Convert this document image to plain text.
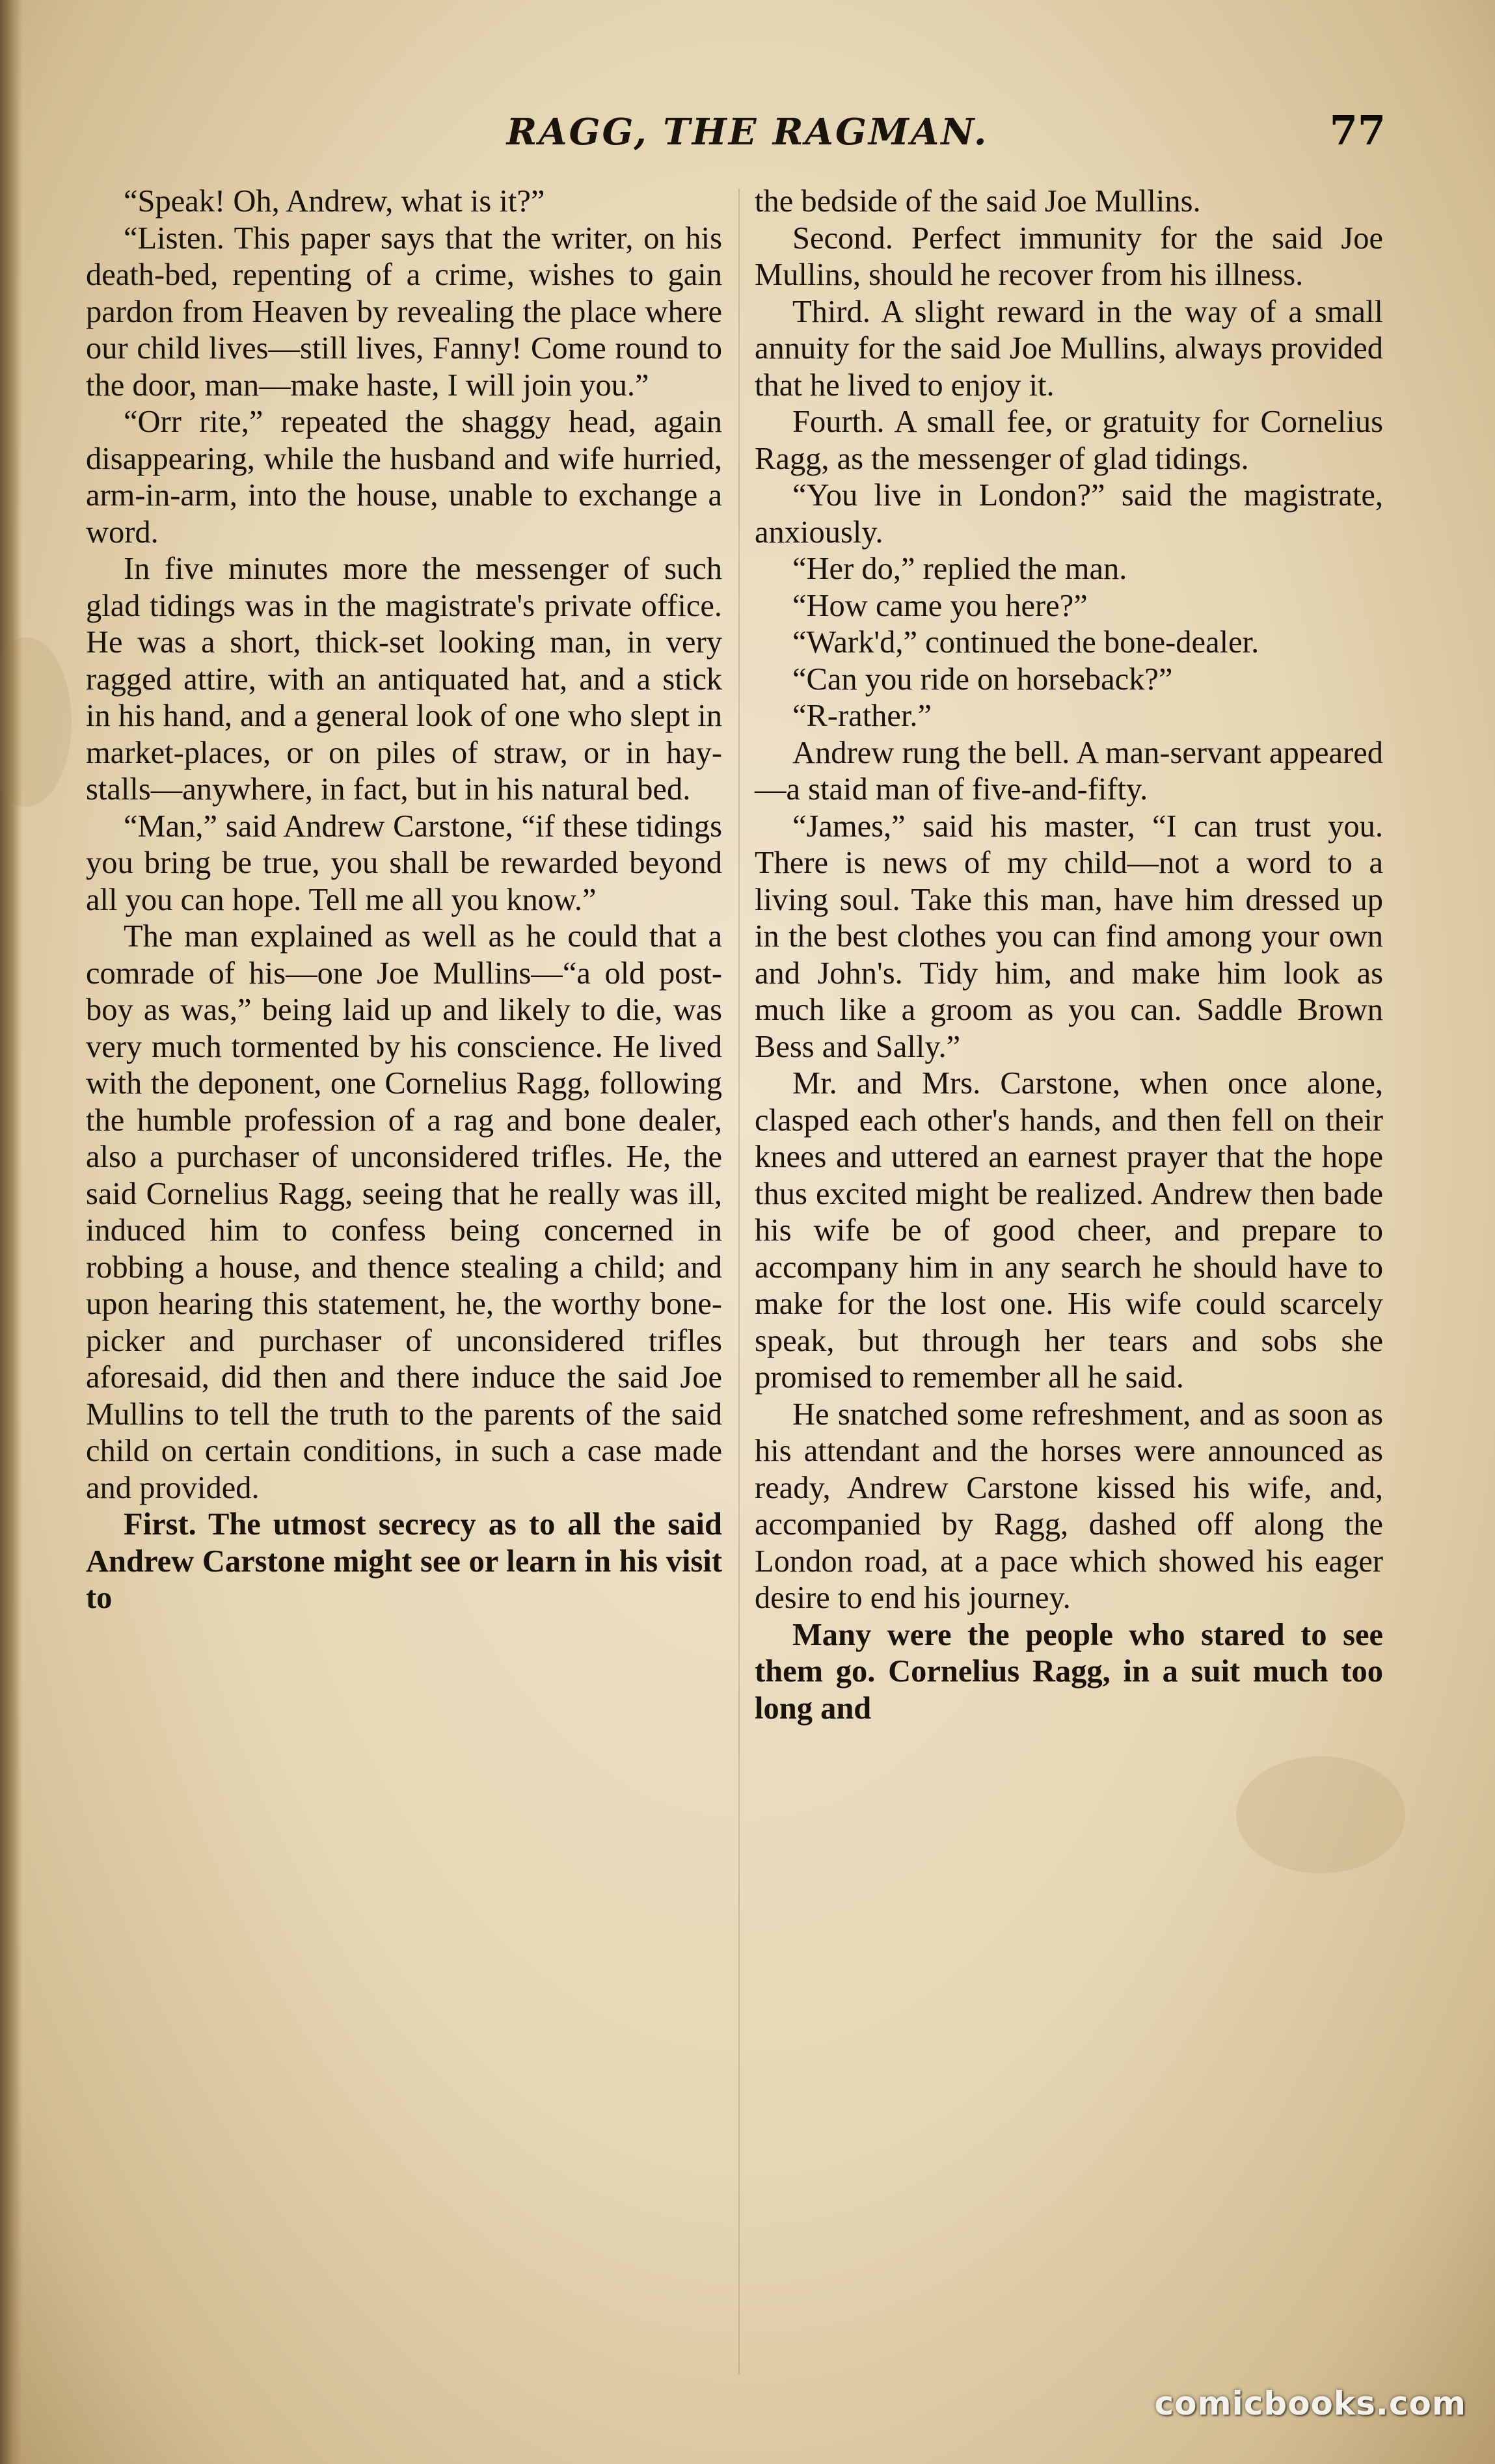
RAGG, THE RAGMAN.	77

“Speak! Oh, Andrew, what is it?”

“Listen. This paper says that the writer, on his death-bed, repenting of a crime, wishes to gain pardon from Heaven by revealing the place where our child lives—still lives, Fanny! Come round to the door, man—make haste, I will join you.”

“Orr rite,” repeated the shaggy head, again disappearing, while the husband and wife hurried, arm-in-arm, into the house, unable to exchange a word.

In five minutes more the messenger of such glad tidings was in the magistrate's private office. He was a short, thick-set looking man, in very ragged attire, with an antiquated hat, and a stick in his hand, and a general look of one who slept in market-places, or on piles of straw, or in hay-stalls—anywhere, in fact, but in his natural bed.

“Man,” said Andrew Carstone, “if these tidings you bring be true, you shall be rewarded beyond all you can hope. Tell me all you know.”

The man explained as well as he could that a comrade of his—one Joe Mullins—“a old post-boy as was,” being laid up and likely to die, was very much tormented by his conscience. He lived with the deponent, one Cornelius Ragg, following the humble profession of a rag and bone dealer, also a purchaser of unconsidered trifles. He, the said Cornelius Ragg, seeing that he really was ill, induced him to confess being concerned in robbing a house, and thence stealing a child; and upon hearing this statement, he, the worthy bone-picker and purchaser of unconsidered trifles aforesaid, did then and there induce the said Joe Mullins to tell the truth to the parents of the said child on certain conditions, in such a case made and provided.

First. The utmost secrecy as to all the said Andrew Carstone might see or learn in his visit to

the bedside of the said Joe Mullins.

Second. Perfect immunity for the said Joe Mullins, should he recover from his illness.

Third. A slight reward in the way of a small annuity for the said Joe Mullins, always provided that he lived to enjoy it.

Fourth. A small fee, or gratuity for Cornelius Ragg, as the messenger of glad tidings.

“You live in London?” said the magistrate, anxiously.

“Her do,” replied the man.

“How came you here?”

“Wark'd,” continued the bone-dealer.

“Can you ride on horseback?”

“R-rather.”

Andrew rung the bell. A man-servant appeared—a staid man of five-and-fifty.

“James,” said his master, “I can trust you. There is news of my child—not a word to a living soul. Take this man, have him dressed up in the best clothes you can find among your own and John's. Tidy him, and make him look as much like a groom as you can. Saddle Brown Bess and Sally.”

Mr. and Mrs. Carstone, when once alone, clasped each other's hands, and then fell on their knees and uttered an earnest prayer that the hope thus excited might be realized. Andrew then bade his wife be of good cheer, and prepare to accompany him in any search he should have to make for the lost one. His wife could scarcely speak, but through her tears and sobs she promised to remember all he said.

He snatched some refreshment, and as soon as his attendant and the horses were announced as ready, Andrew Carstone kissed his wife, and, accompanied by Ragg, dashed off along the London road, at a pace which showed his eager desire to end his journey.

Many were the people who stared to see them go. Cornelius Ragg, in a suit much too long and

comicbooks.com
